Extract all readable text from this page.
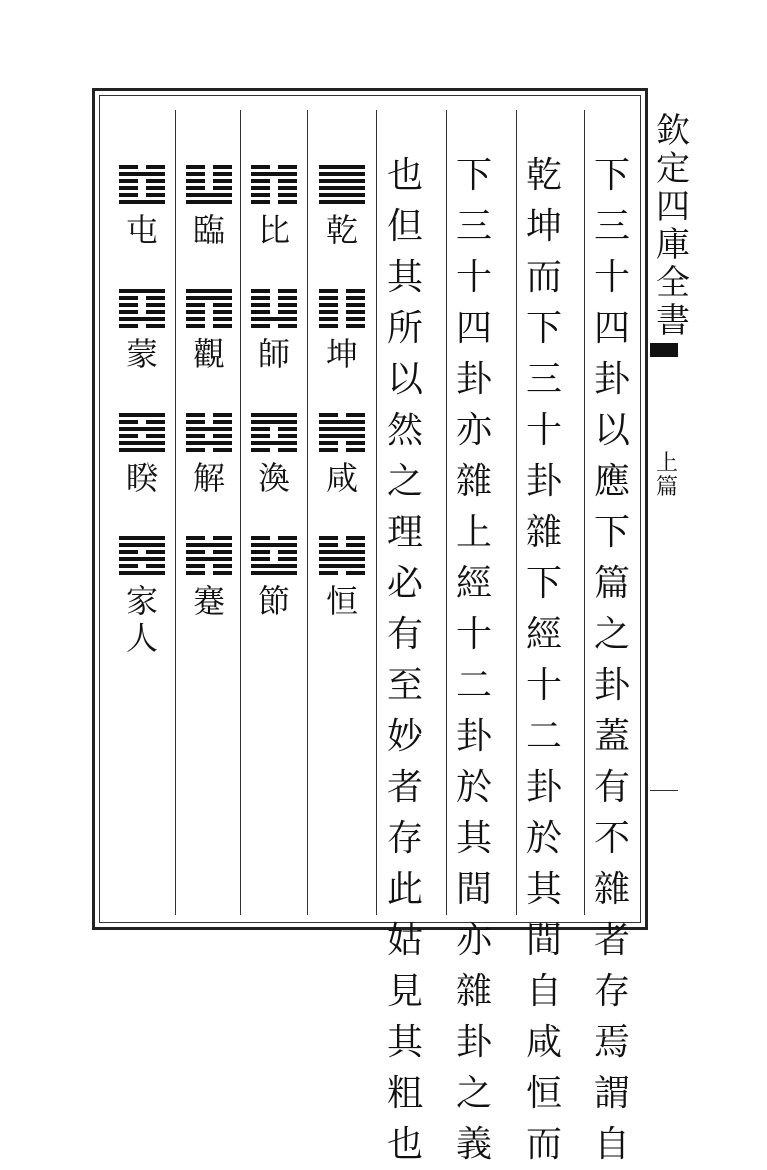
欽
定
四
庫
全
書
上
篇
下
三
十
四
卦
以
應
下
篇
之
卦
蓋
有
不
雜
者
存
焉
謂
自
乾
坤
而
下
三
十
卦
雜
下
經
十
二
卦
於
其
間
自
咸
恒
而
下
三
十
四
卦
亦
雜
上
經
十
二
卦
於
其
間
亦
雜
卦
之
義
也
但
其
所
以
然
之
理
必
有
至
妙
者
存
此
姑
見
其
粗
也
乾
坤
咸
恒
比
師
渙
節
臨
觀
解
蹇
屯
蒙
睽
家
人
